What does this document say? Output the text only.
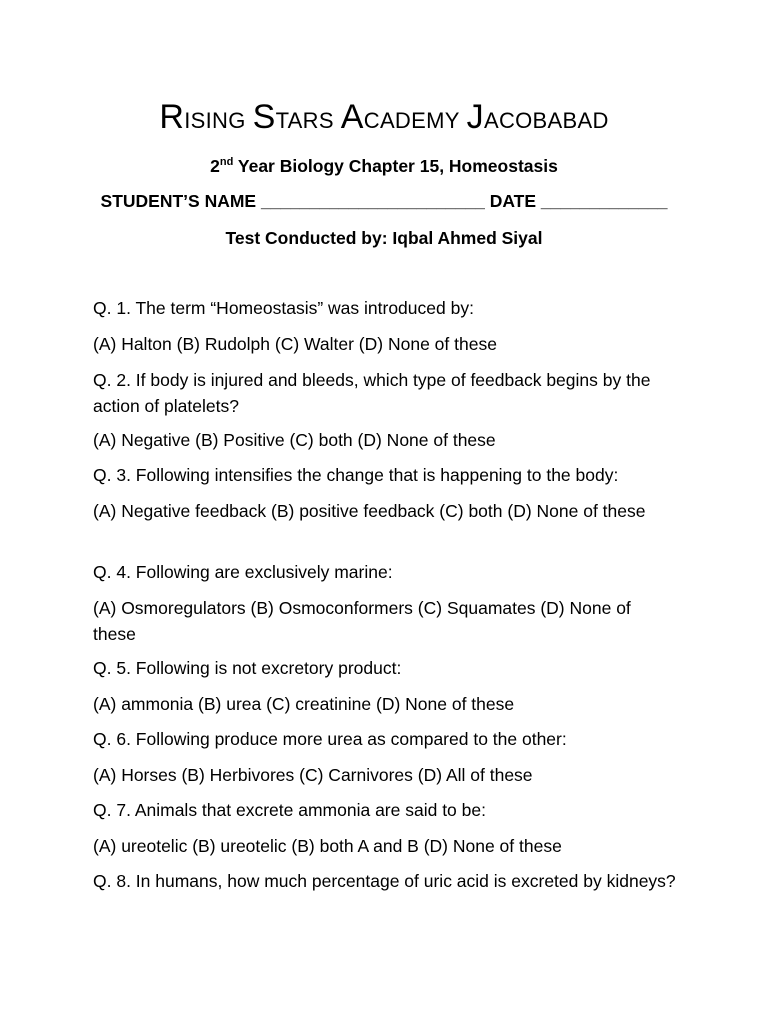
RISING STARS ACADEMY JACOBABAD
2nd Year Biology Chapter 15, Homeostasis
STUDENT’S NAME _______________________ DATE _____________
Test Conducted by: Iqbal Ahmed Siyal

Q. 1. The term “Homeostasis” was introduced by:

(A) Halton (B) Rudolph (C) Walter (D) None of these

Q. 2. If body is injured and bleeds, which type of feedback begins by the action of platelets?

(A) Negative (B) Positive (C) both (D) None of these

Q. 3. Following intensifies the change that is happening to the body:

(A) Negative feedback (B) positive feedback (C) both (D) None of these

Q. 4. Following are exclusively marine:

(A) Osmoregulators (B) Osmoconformers (C) Squamates (D) None of these

Q. 5. Following is not excretory product:

(A) ammonia (B) urea (C) creatinine (D) None of these

Q. 6. Following produce more urea as compared to the other:

(A) Horses (B) Herbivores (C) Carnivores (D) All of these

Q. 7. Animals that excrete ammonia are said to be:

(A) ureotelic (B) ureotelic (B) both A and B (D) None of these

Q. 8. In humans, how much percentage of uric acid is excreted by kidneys?
